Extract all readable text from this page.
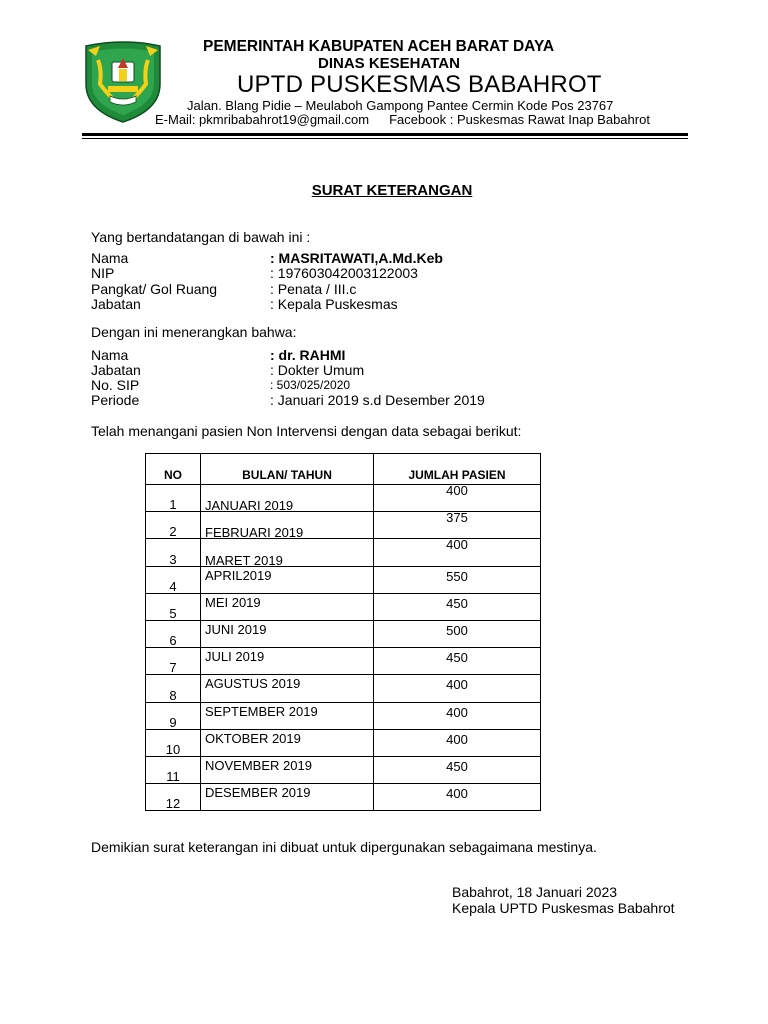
PEMERINTAH KABUPATEN ACEH BARAT DAYA
DINAS KESEHATAN
UPTD PUSKESMAS BABAHROT
Jalan. Blang Pidie – Meulaboh Gampong Pantee Cermin Kode Pos 23767
E-Mail: pkmribabahrot19@gmail.com Facebook : Puskesmas Rawat Inap Babahrot
SURAT KETERANGAN
Yang bertandatangan di bawah ini :
Nama	: MASRITAWATI,A.Md.Keb
NIP	: 197603042003122003
Pangkat/ Gol Ruang	: Penata / III.c
Jabatan	: Kepala Puskesmas
Dengan ini menerangkan bahwa:
Nama	: dr. RAHMI
Jabatan	: Dokter Umum
No. SIP	: 503/025/2020
Periode	: Januari 2019 s.d Desember 2019
Telah menangani pasien Non Intervensi dengan data sebagai berikut:
NO	BULAN/ TAHUN	JUMLAH PASIEN

1	JANUARI 2019	400

2	FEBRUARI 2019	375

3	MARET 2019	400

4	APRIL2019	550

5	MEI 2019	450

6	JUNI 2019	500

7	JULI 2019	450

8	AGUSTUS 2019	400

9	SEPTEMBER 2019	400

10	OKTOBER 2019	400

11	NOVEMBER 2019	450

12	DESEMBER 2019	400
Demikian surat keterangan ini dibuat untuk dipergunakan sebagaimana mestinya.
Babahrot, 18 Januari 2023
Kepala UPTD Puskesmas Babahrot
